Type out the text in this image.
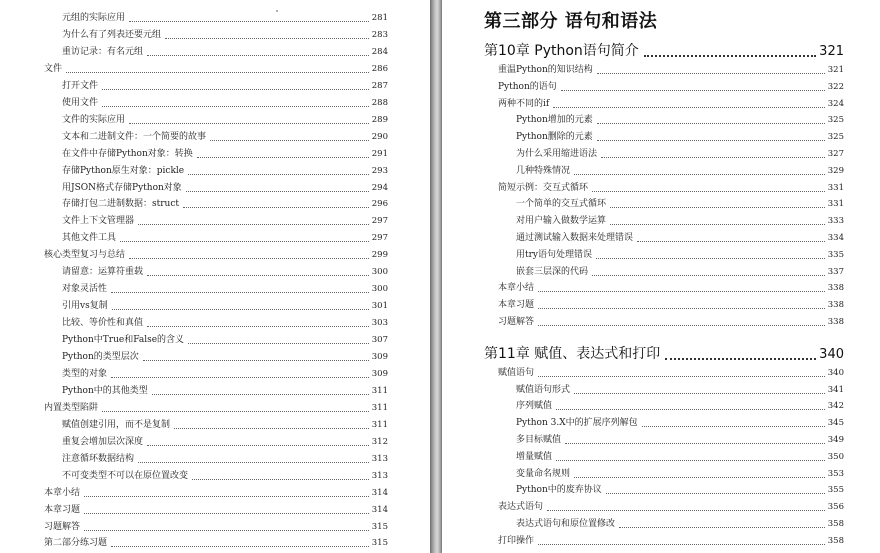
元组的实际应用	281
为什么有了列表还要元组	283
重访记录：有名元组	284
文件	286
打开文件	287
使用文件	288
文件的实际应用	289
文本和二进制文件：一个简要的故事	290
在文件中存储Python对象：转换	291
存储Python原生对象：pickle	293
用JSON格式存储Python对象	294
存储打包二进制数据：struct	296
文件上下文管理器	297
其他文件工具	297
核心类型复习与总结	299
请留意：运算符重载	300
对象灵活性	300
引用vs复制	301
比较、等价性和真值	303
Python中True和False的含义	307
Python的类型层次	309
类型的对象	309
Python中的其他类型	311
内置类型陷阱	311
赋值创建引用，而不是复制	311
重复会增加层次深度	312
注意循环数据结构	313
不可变类型不可以在原位置改变	313
本章小结	314
本章习题	314
习题解答	315
第二部分练习题	315
第三部分 语句和语法
第10章 Python语句简介	321
重温Python的知识结构	321
Python的语句	322
两种不同的if	324
Python增加的元素	325
Python删除的元素	325
为什么采用缩进语法	327
几种特殊情况	329
简短示例：交互式循环	331
一个简单的交互式循环	331
对用户输入做数学运算	333
通过测试输入数据来处理错误	334
用try语句处理错误	335
嵌套三层深的代码	337
本章小结	338
本章习题	338
习题解答	338
第11章 赋值、表达式和打印	340
赋值语句	340
赋值语句形式	341
序列赋值	342
Python 3.X中的扩展序列解包	345
多目标赋值	349
增量赋值	350
变量命名规则	353
Python中的废弃协议	355
表达式语句	356
表达式语句和原位置修改	358
打印操作	358
